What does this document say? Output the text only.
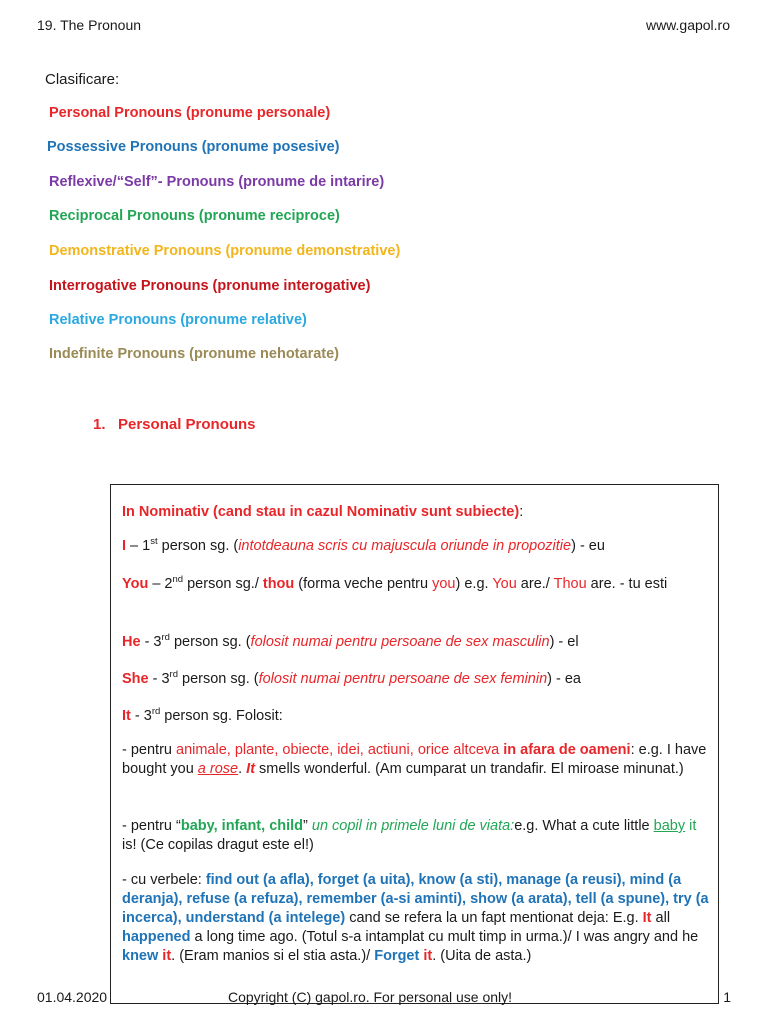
19. The Pronoun	www.gapol.ro
Clasificare:
Personal Pronouns (pronume personale)
Possessive Pronouns (pronume posesive)
Reflexive/“Self”- Pronouns (pronume de intarire)
Reciprocal Pronouns (pronume reciproce)
Demonstrative Pronouns (pronume demonstrative)
Interrogative Pronouns (pronume interogative)
Relative Pronouns (pronume relative)
Indefinite Pronouns (pronume nehotarate)
1. Personal Pronouns
In Nominativ (cand stau in cazul Nominativ sunt subiecte):
I – 1st person sg. (intotdeauna scris cu majuscula oriunde in propozitie) - eu
You – 2nd person sg./ thou (forma veche pentru you) e.g. You are./ Thou are. - tu esti
He - 3rd person sg. (folosit numai pentru persoane de sex masculin) - el
She - 3rd person sg. (folosit numai pentru persoane de sex feminin) - ea
It - 3rd person sg. Folosit:
- pentru animale, plante, obiecte, idei, actiuni, orice altceva in afara de oameni: e.g. I have bought you a rose. It smells wonderful. (Am cumparat un trandafir. El miroase minunat.)
- pentru “baby, infant, child” un copil in primele luni de viata:e.g. What a cute little baby it is! (Ce copilas dragut este el!)
- cu verbele: find out (a afla), forget (a uita), know (a sti), manage (a reusi), mind (a deranja), refuse (a refuza), remember (a-si aminti), show (a arata), tell (a spune), try (a incerca), understand (a intelege) cand se refera la un fapt mentionat deja: E.g. It all happened a long time ago. (Totul s-a intamplat cu mult timp in urma.)/ I was angry and he knew it. (Eram manios si el stia asta.)/ Forget it. (Uita de asta.)
01.04.2020	Copyright (C) gapol.ro. For personal use only!	1
